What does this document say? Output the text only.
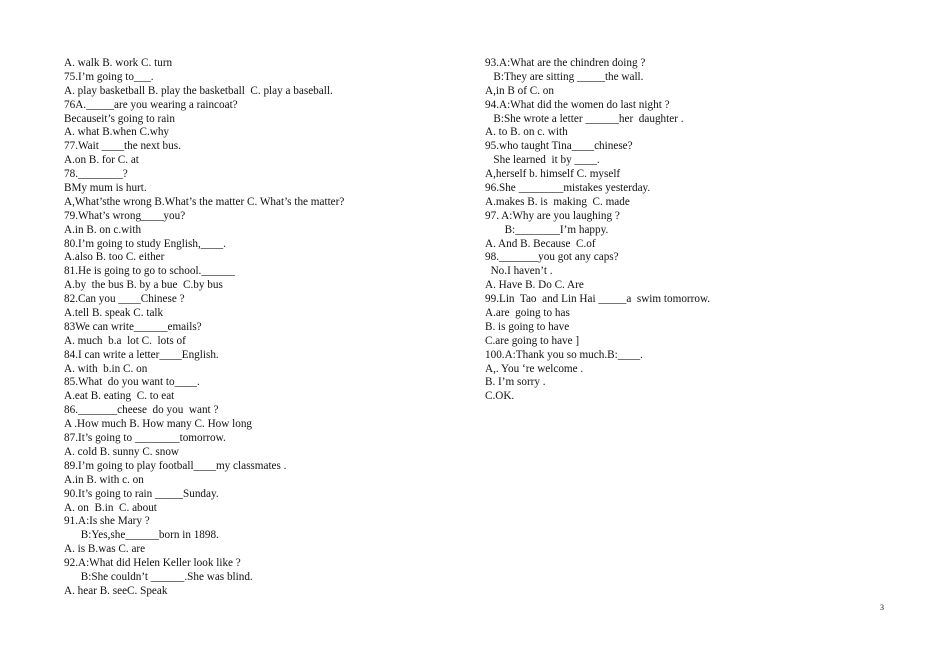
A. walk B. work C. turn
75.I’m going to___.
A. play basketball B. play the basketball  C. play a baseball.
76A._____are you wearing a raincoat?
Becauseit’s going to rain
A. what B.when C.why
77.Wait ____the next bus.
A.on B. for C. at
78.________?
BMy mum is hurt.
A,What’sthe wrong B.What’s the matter C. What’s the matter?
79.What’s wrong____you?
A.in B. on c.with
80.I’m going to study English,____.
A.also B. too C. either
81.He is going to go to school.______
A.by  the bus B. by a bue  C.by bus
82.Can you ____Chinese ?
A.tell B. speak C. talk
83We can write______emails?
A. much  b.a  lot C.  lots of
84.I can write a letter____English.
A. with  b.in C. on
85.What  do you want to____.
A.eat B. eating  C. to eat
86._______cheese  do you  want ?
A .How much B. How many C. How long
87.It’s going to ________tomorrow.
A. cold B. sunny C. snow
89.I’m going to play football____my classmates .
A.in B. with c. on
90.It’s going to rain _____Sunday.
A. on  B.in  C. about
91.A:Is she Mary ?
B:Yes,she______born in 1898.
A. is B.was C. are
92.A:What did Helen Keller look like ?
B:She couldn’t ______.She was blind.
A. hear B. seeC. Speak
93.A:What are the chindren doing ?
B:They are sitting _____the wall.
A,in B of C. on
94.A:What did the women do last night ?
B:She wrote a letter ______her  daughter .
A. to B. on c. with
95.who taught Tina____chinese?
She learned  it by ____.
A,herself b. himself C. myself
96.She ________mistakes yesterday.
A.makes B. is  making  C. made
97. A:Why are you laughing ?
B:________I’m happy.
A. And B. Because  C.of
98._______you got any caps?
No.I haven’t .
A. Have B. Do C. Are
99.Lin  Tao  and Lin Hai _____a  swim tomorrow.
A.are  going to has
B. is going to have
C.are going to have ]
100.A:Thank you so much.B:____.
A,. You ‘re welcome .
B. I’m sorry .
C.OK.
3
